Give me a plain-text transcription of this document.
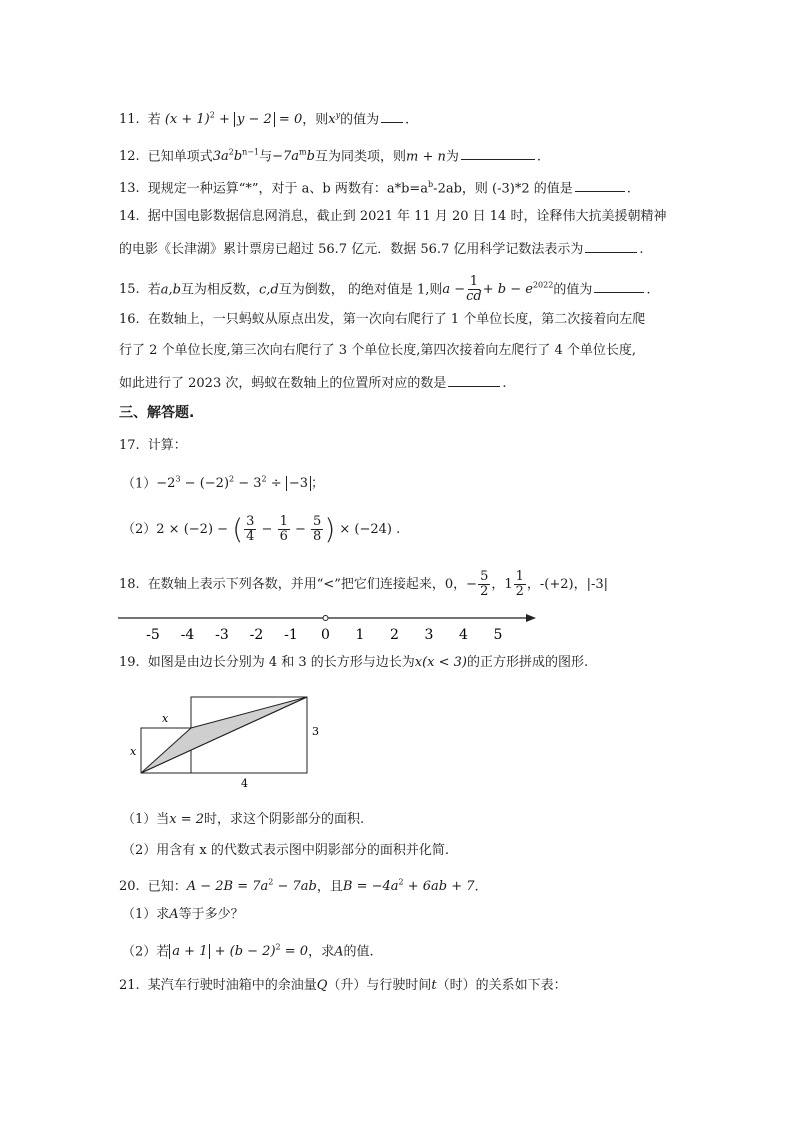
11. 若 $(x + 1)^2 + y - 2 = 0$，则$x^y$的值为 .
12. 已知单项式$3a^2b^{n-1}$与$-7a^mb$互为同类项，则m + n为	.
13. 现规定一种运算“*”，对于 a、b 两数有：$a*b=a^b-2ab$，则 (-3)*2 的值是	.
14. 据中国电影数据信息网消息，截止到 2021 年 11 月 20 日 14 时，诠释伟大抗美援朝精神
的电影《长津湖》累计票房已超过 56.7 亿元．数据 56.7 亿用科学记数法表示为	.
15. 若a,b互为相反数，c,d互为倒数， 的绝对值是 1,则$a - \frac{1}{cd} + b - e^{2022}$的值为	.
16. 在数轴上，一只蚂蚁从原点出发，第一次向右爬行了 1 个单位长度，第二次接着向左爬
行了 2 个单位长度,第三次向右爬行了 3 个单位长度,第四次接着向左爬行了 4 个单位长度,
如此进行了 2023 次，蚂蚁在数轴上的位置所对应的数是	.
三、解答题.
17. 计算：
$(1)-2^3 - (-2)^2 - 3^2 \div -3$ ；
（2）2 × (−2) − ( $\frac{3}{4} - \frac{1}{6} - \frac{5}{8}$ ) × (−24) .
18. 在数轴上表示下列各数，并用“<”把它们连接起来，0，− $\frac{5}{2}$ ，$1 \frac{1}{2}$ ，-(+2)，|-3|
-5 -4 -3 -2 -1 0 1 2 3 4 5
19. 如图是由边长分别为 4 和 3 的长方形与边长为x(x < 3)的正方形拼成的图形.
x
x
3
4
（1）当x = 2时，求这个阴影部分的面积.
（2）用含有 x 的代数式表示图中阴影部分的面积并化简.
20. 已知：$A - 2B = 7a^2 - 7ab$，且$B = -4a^2 + 6ab + 7$.
（1）求A等于多少？
（2）若 $a + 1 + (b - 2)^2 = 0$，求A的值.
21. 某汽车行驶时油箱中的余油量Q（升）与行驶时间t（时）的关系如下表：
